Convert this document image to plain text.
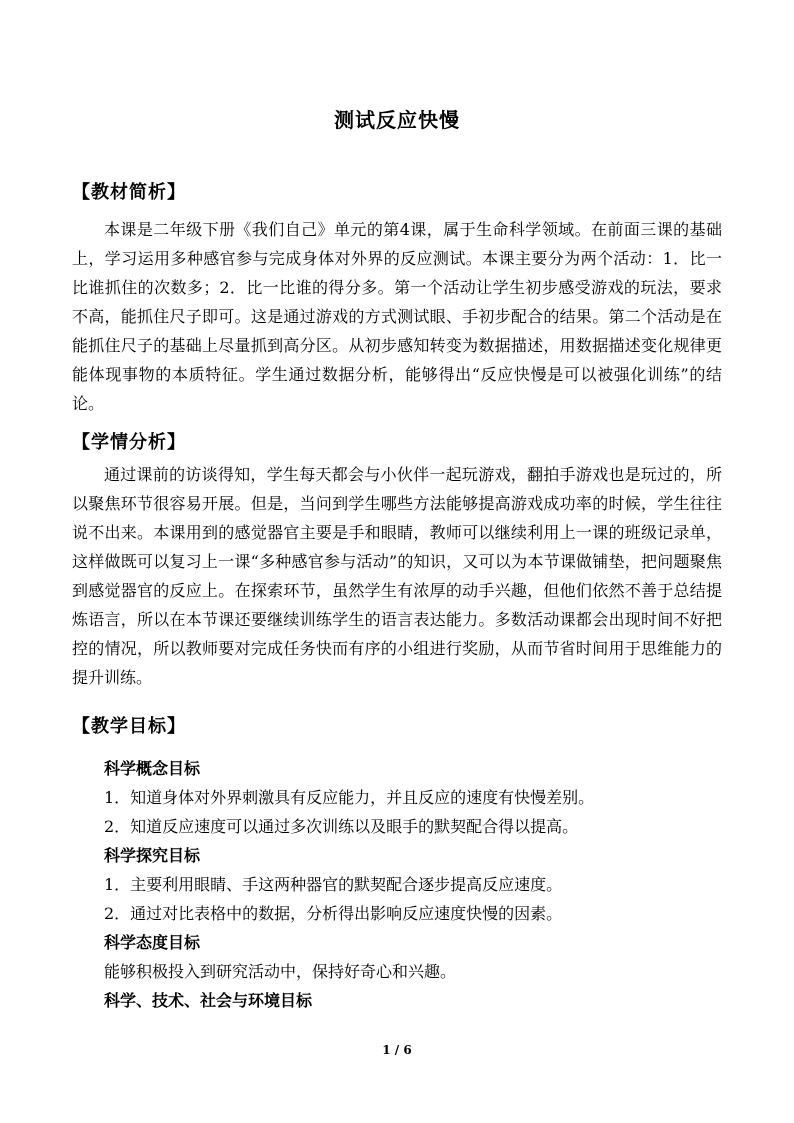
测试反应快慢
【教材简析】

本课是二年级下册《我们自己》单元的第4课，属于生命科学领域。在前面三课的基础上，学习运用多种感官参与完成身体对外界的反应测试。本课主要分为两个活动：1．比一比谁抓住的次数多；2．比一比谁的得分多。第一个活动让学生初步感受游戏的玩法，要求不高，能抓住尺子即可。这是通过游戏的方式测试眼、手初步配合的结果。第二个活动是在能抓住尺子的基础上尽量抓到高分区。从初步感知转变为数据描述，用数据描述变化规律更能体现事物的本质特征。学生通过数据分析，能够得出“反应快慢是可以被强化训练”的结论。

【学情分析】

通过课前的访谈得知，学生每天都会与小伙伴一起玩游戏，翻拍手游戏也是玩过的，所以聚焦环节很容易开展。但是，当问到学生哪些方法能够提高游戏成功率的时候，学生往往说不出来。本课用到的感觉器官主要是手和眼睛，教师可以继续利用上一课的班级记录单，这样做既可以复习上一课“多种感官参与活动”的知识，又可以为本节课做铺垫，把问题聚焦到感觉器官的反应上。在探索环节，虽然学生有浓厚的动手兴趣，但他们依然不善于总结提炼语言，所以在本节课还要继续训练学生的语言表达能力。多数活动课都会出现时间不好把控的情况，所以教师要对完成任务快而有序的小组进行奖励，从而节省时间用于思维能力的提升训练。

【教学目标】
科学概念目标
1．知道身体对外界刺激具有反应能力，并且反应的速度有快慢差别。
2．知道反应速度可以通过多次训练以及眼手的默契配合得以提高。
科学探究目标
1．主要利用眼睛、手这两种器官的默契配合逐步提高反应速度。
2．通过对比表格中的数据，分析得出影响反应速度快慢的因素。
科学态度目标
能够积极投入到研究活动中，保持好奇心和兴趣。
科学、技术、社会与环境目标
1 / 6
